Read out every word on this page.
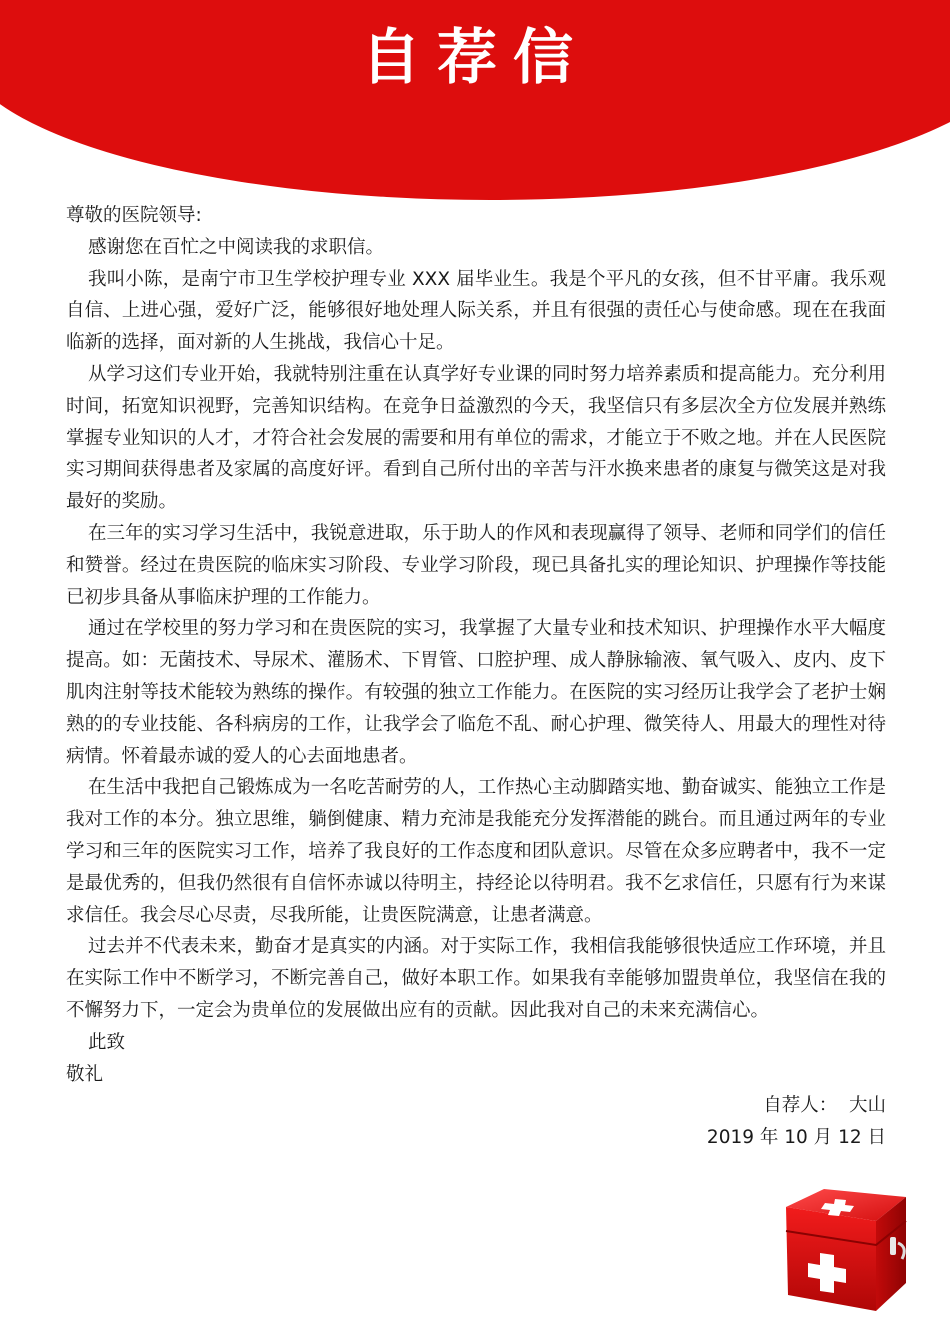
自荐信

尊敬的医院领导:

感谢您在百忙之中阅读我的求职信。

我叫小陈，是南宁市卫生学校护理专业 XXX 届毕业生。我是个平凡的女孩，但不甘平庸。我乐观自信、上进心强，爱好广泛，能够很好地处理人际关系，并且有很强的责任心与使命感。现在在我面临新的选择，面对新的人生挑战，我信心十足。

从学习这们专业开始，我就特别注重在认真学好专业课的同时努力培养素质和提高能力。充分利用时间，拓宽知识视野，完善知识结构。在竞争日益激烈的今天，我坚信只有多层次全方位发展并熟练掌握专业知识的人才，才符合社会发展的需要和用有单位的需求，才能立于不败之地。并在人民医院实习期间获得患者及家属的高度好评。看到自己所付出的辛苦与汗水换来患者的康复与微笑这是对我最好的奖励。

在三年的实习学习生活中，我锐意进取，乐于助人的作风和表现赢得了领导、老师和同学们的信任和赞誉。经过在贵医院的临床实习阶段、专业学习阶段，现已具备扎实的理论知识、护理操作等技能已初步具备从事临床护理的工作能力。

通过在学校里的努力学习和在贵医院的实习，我掌握了大量专业和技术知识、护理操作水平大幅度提高。如：无菌技术、导尿术、灌肠术、下胃管、口腔护理、成人静脉输液、氧气吸入、皮内、皮下肌肉注射等技术能较为熟练的操作。有较强的独立工作能力。在医院的实习经历让我学会了老护士娴熟的的专业技能、各科病房的工作，让我学会了临危不乱、耐心护理、微笑待人、用最大的理性对待病情。怀着最赤诚的爱人的心去面地患者。

在生活中我把自己锻炼成为一名吃苦耐劳的人，工作热心主动脚踏实地、勤奋诚实、能独立工作是我对工作的本分。独立思维，躺倒健康、精力充沛是我能充分发挥潜能的跳台。而且通过两年的专业学习和三年的医院实习工作，培养了我良好的工作态度和团队意识。尽管在众多应聘者中，我不一定是最优秀的，但我仍然很有自信怀赤诚以待明主，持经论以待明君。我不乞求信任，只愿有行为来谋求信任。我会尽心尽责，尽我所能，让贵医院满意，让患者满意。

过去并不代表未来，勤奋才是真实的内涵。对于实际工作，我相信我能够很快适应工作环境，并且在实际工作中不断学习，不断完善自己，做好本职工作。如果我有幸能够加盟贵单位，我坚信在我的不懈努力下，一定会为贵单位的发展做出应有的贡献。因此我对自己的未来充满信心。

此致

敬礼

自荐人：  大山

2019 年 10 月 12 日
